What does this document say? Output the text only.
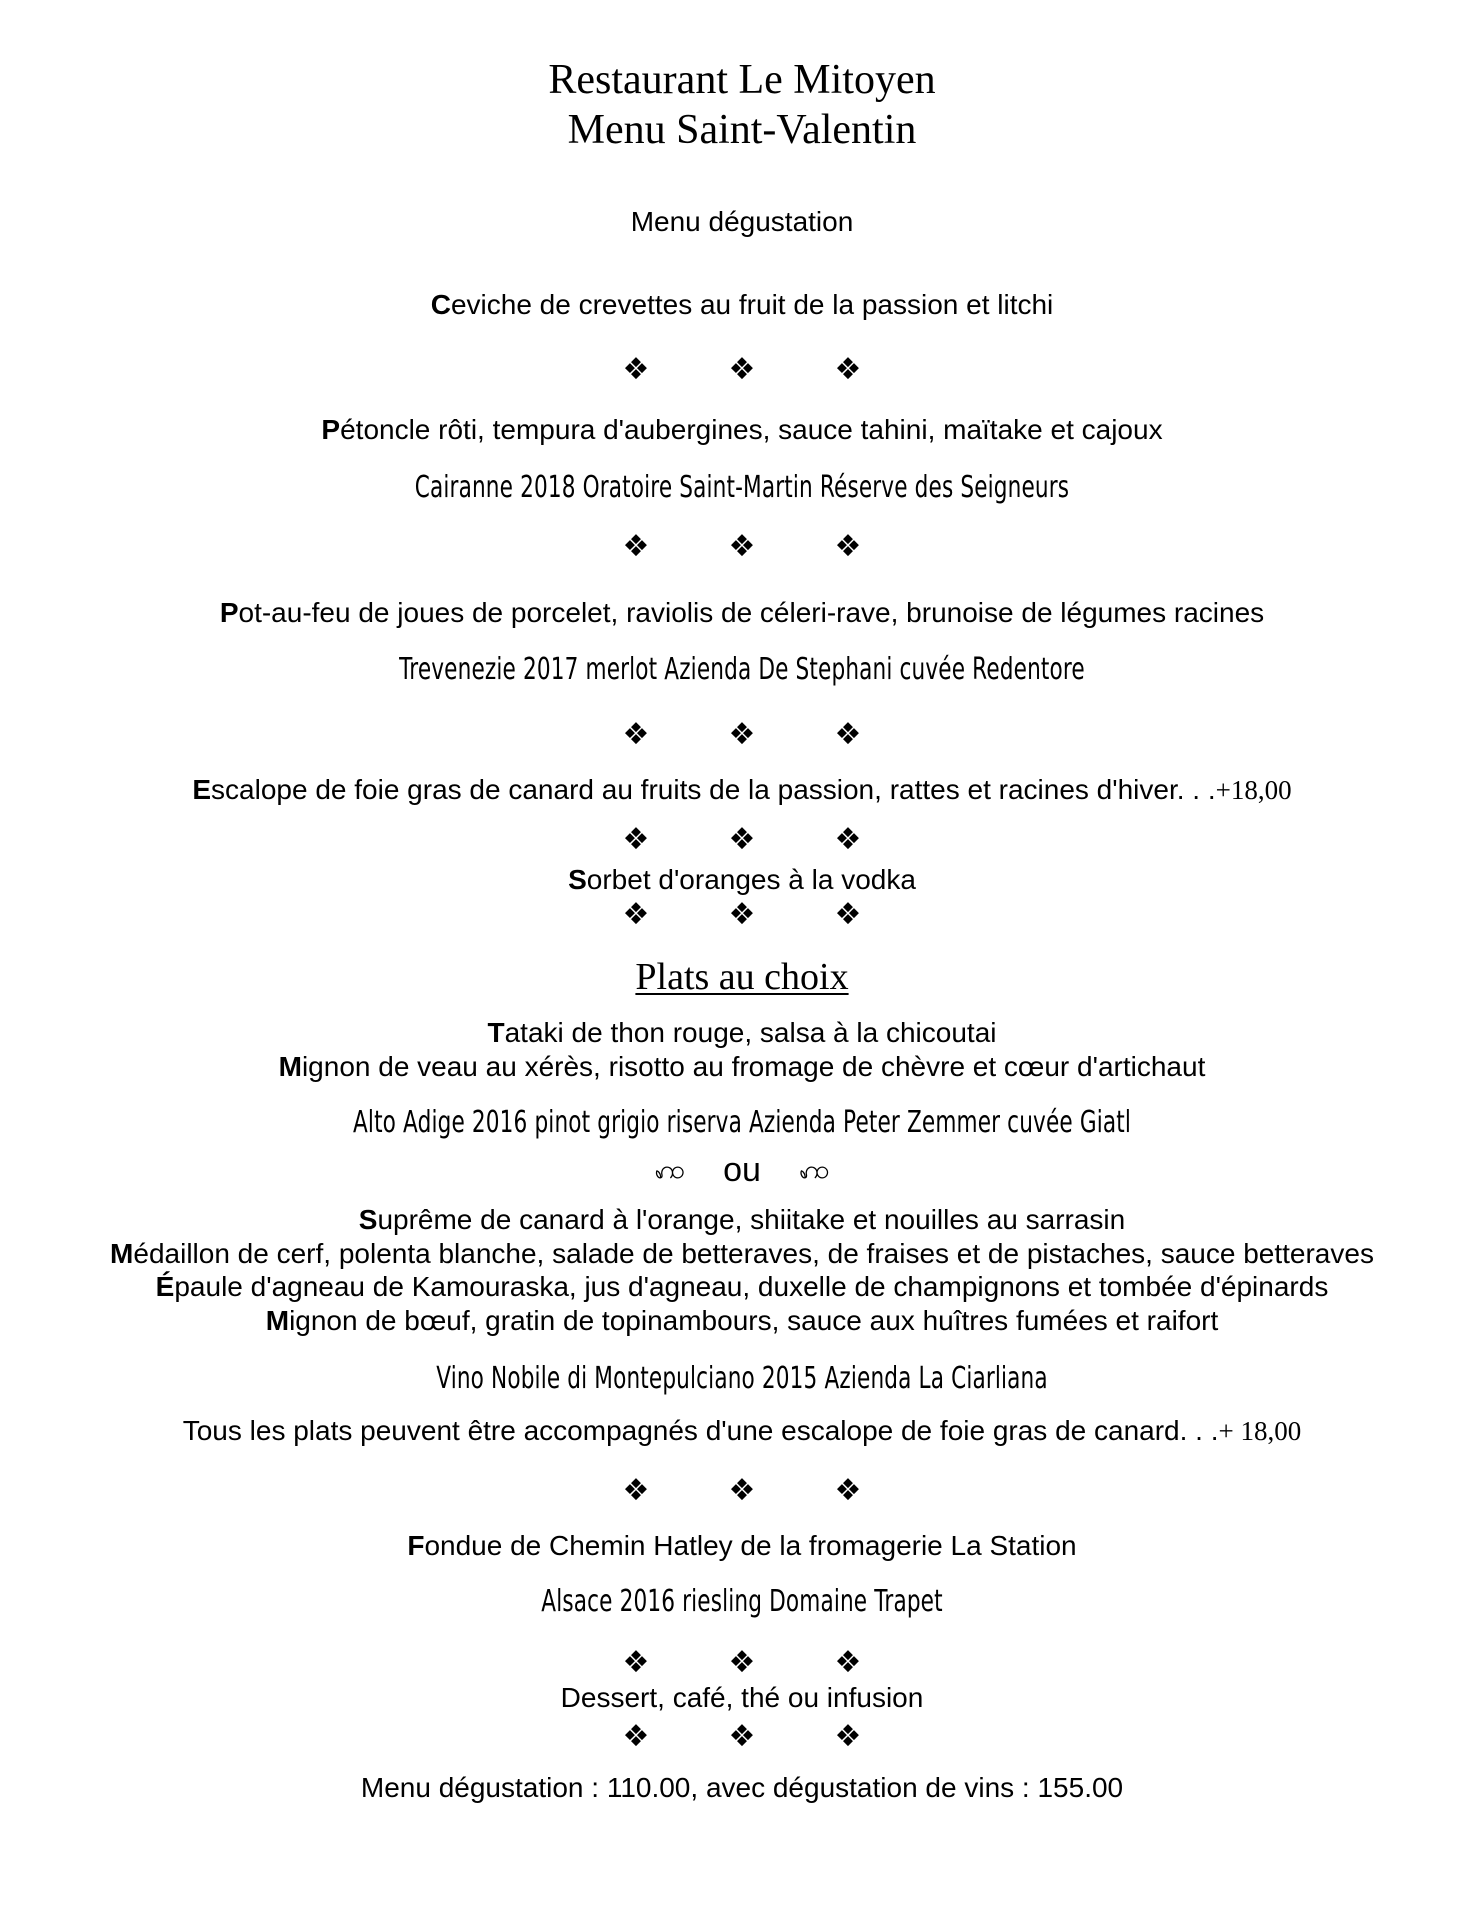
Restaurant Le Mitoyen
Menu Saint-Valentin
Menu dégustation
Ceviche de crevettes au fruit de la passion et litchi
❖	❖	❖
Pétoncle rôti, tempura d'aubergines, sauce tahini, maïtake et cajoux
Cairanne 2018 Oratoire Saint-Martin Réserve des Seigneurs
❖	❖	❖
Pot-au-feu de joues de porcelet, raviolis de céleri-rave, brunoise de légumes racines
Trevenezie 2017 merlot Azienda De Stephani cuvée Redentore
❖	❖	❖
Escalope de foie gras de canard au fruits de la passion, rattes et racines d'hiver. . .+18,00
❖	❖	❖
Sorbet d'oranges à la vodka
❖	❖	❖
Plats au choix
Tataki de thon rouge, salsa à la chicoutai
Mignon de veau au xérès, risotto au fromage de chèvre et cœur d'artichaut
Alto Adige 2016 pinot grigio riserva Azienda Peter Zemmer cuvée Giatl
ꩲ ou ꩲ
Suprême de canard à l'orange, shiitake et nouilles au sarrasin
Médaillon de cerf, polenta blanche, salade de betteraves, de fraises et de pistaches, sauce betteraves
Épaule d'agneau de Kamouraska, jus d'agneau, duxelle de champignons et tombée d'épinards
Mignon de bœuf, gratin de topinambours, sauce aux huîtres fumées et raifort
Vino Nobile di Montepulciano 2015 Azienda La Ciarliana
Tous les plats peuvent être accompagnés d'une escalope de foie gras de canard. . .+ 18,00
❖	❖	❖
Fondue de Chemin Hatley de la fromagerie La Station
Alsace 2016 riesling Domaine Trapet
❖	❖	❖
Dessert, café, thé ou infusion
❖	❖	❖
Menu dégustation : 110.00, avec dégustation de vins : 155.00
